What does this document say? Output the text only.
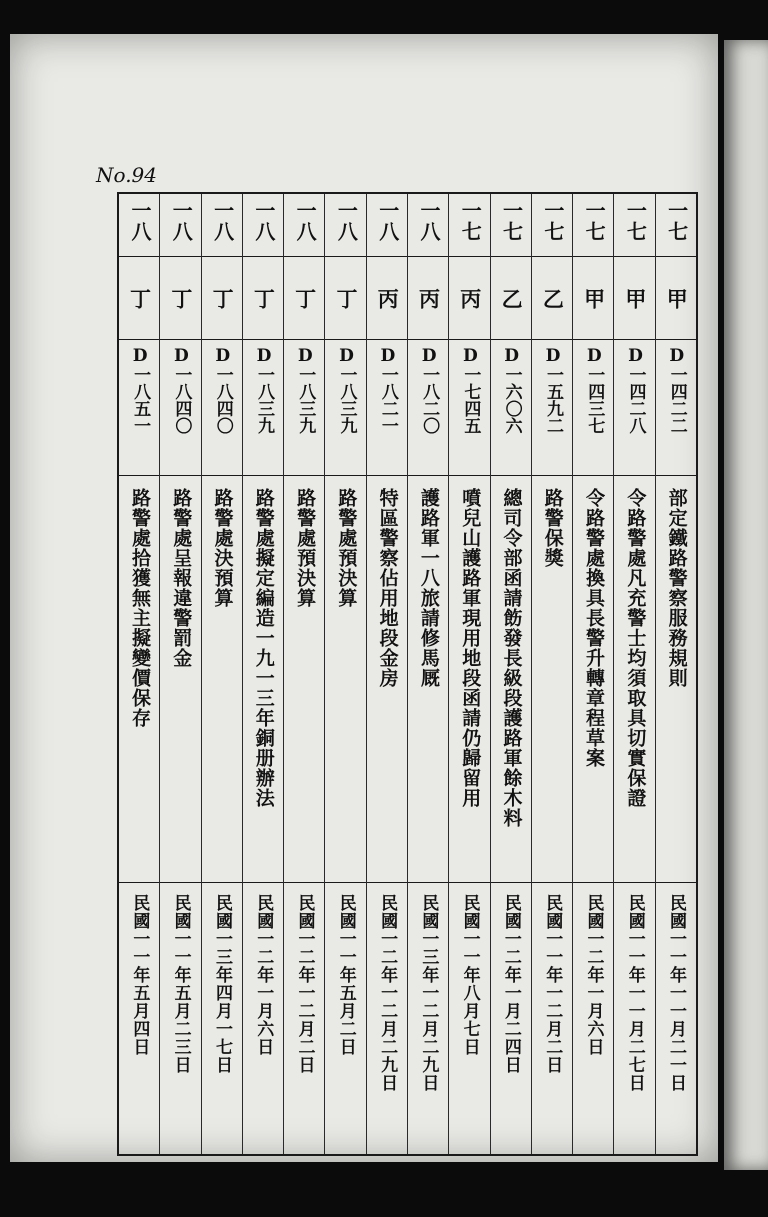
No.94
一七
甲
D一四二二
部定鐵路警察服務規則
民國一一年一一月二一日
一七
甲
D一四二八
令路警處凡充警士均須取具切實保證
民國一一年一一月二七日
一七
甲
D一四三七
令路警處換具長警升轉章程草案
民國一二年一月六日
一七
乙
D一五九二
路警保獎
民國一一年一二月二日
一七
乙
D一六〇六
總司令部函請飭發長級段護路軍餘木料
民國一二年一月二四日
一七
丙
D一七四五
噴兒山護路軍現用地段函請仍歸留用
民國一一年八月七日
一八
丙
D一八二〇
護路軍一八旅請修馬厩
民國一三年一二月二九日
一八
丙
D一八二一
特區警察佔用地段金房
民國一二年一二月二九日
一八
丁
D一八三九
路警處預決算
民國一一年五月二日
一八
丁
D一八三九
路警處預決算
民國一二年一二月二日
一八
丁
D一八三九
路警處擬定編造一九一三年銅册辦法
民國一二年一月六日
一八
丁
D一八四〇
路警處決預算
民國一三年四月一七日
一八
丁
D一八四〇
路警處呈報違警罰金
民國一一年五月二三日
一八
丁
D一八五一
路警處拾獲無主擬變價保存
民國一一年五月四日
